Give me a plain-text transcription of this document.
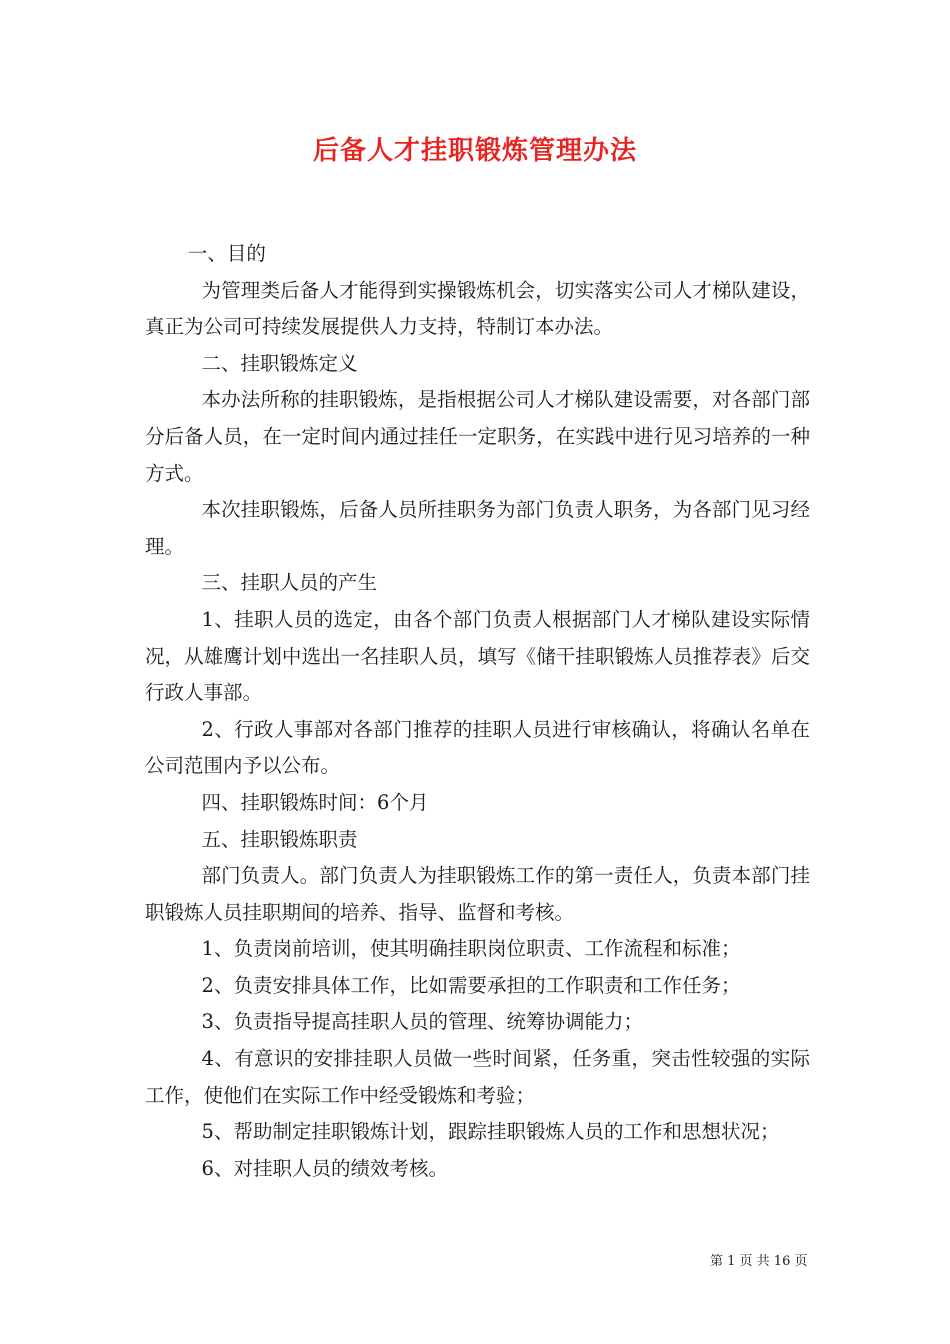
后备人才挂职锻炼管理办法

一、目的

为管理类后备人才能得到实操锻炼机会，切实落实公司人才梯队建设，真正为公司可持续发展提供人力支持，特制订本办法。

二、挂职锻炼定义

本办法所称的挂职锻炼，是指根据公司人才梯队建设需要，对各部门部分后备人员，在一定时间内通过挂任一定职务，在实践中进行见习培养的一种方式。

本次挂职锻炼，后备人员所挂职务为部门负责人职务，为各部门见习经理。

三、挂职人员的产生

1、挂职人员的选定，由各个部门负责人根据部门人才梯队建设实际情况，从雄鹰计划中选出一名挂职人员，填写《储干挂职锻炼人员推荐表》后交行政人事部。

2、行政人事部对各部门推荐的挂职人员进行审核确认，将确认名单在公司范围内予以公布。

四、挂职锻炼时间：6个月

五、挂职锻炼职责

部门负责人。部门负责人为挂职锻炼工作的第一责任人，负责本部门挂职锻炼人员挂职期间的培养、指导、监督和考核。

1、负责岗前培训，使其明确挂职岗位职责、工作流程和标准；

2、负责安排具体工作，比如需要承担的工作职责和工作任务；

3、负责指导提高挂职人员的管理、统筹协调能力；

4、有意识的安排挂职人员做一些时间紧，任务重，突击性较强的实际工作，使他们在实际工作中经受锻炼和考验；

5、帮助制定挂职锻炼计划，跟踪挂职锻炼人员的工作和思想状况；

6、对挂职人员的绩效考核。

第 1 页 共 16 页
